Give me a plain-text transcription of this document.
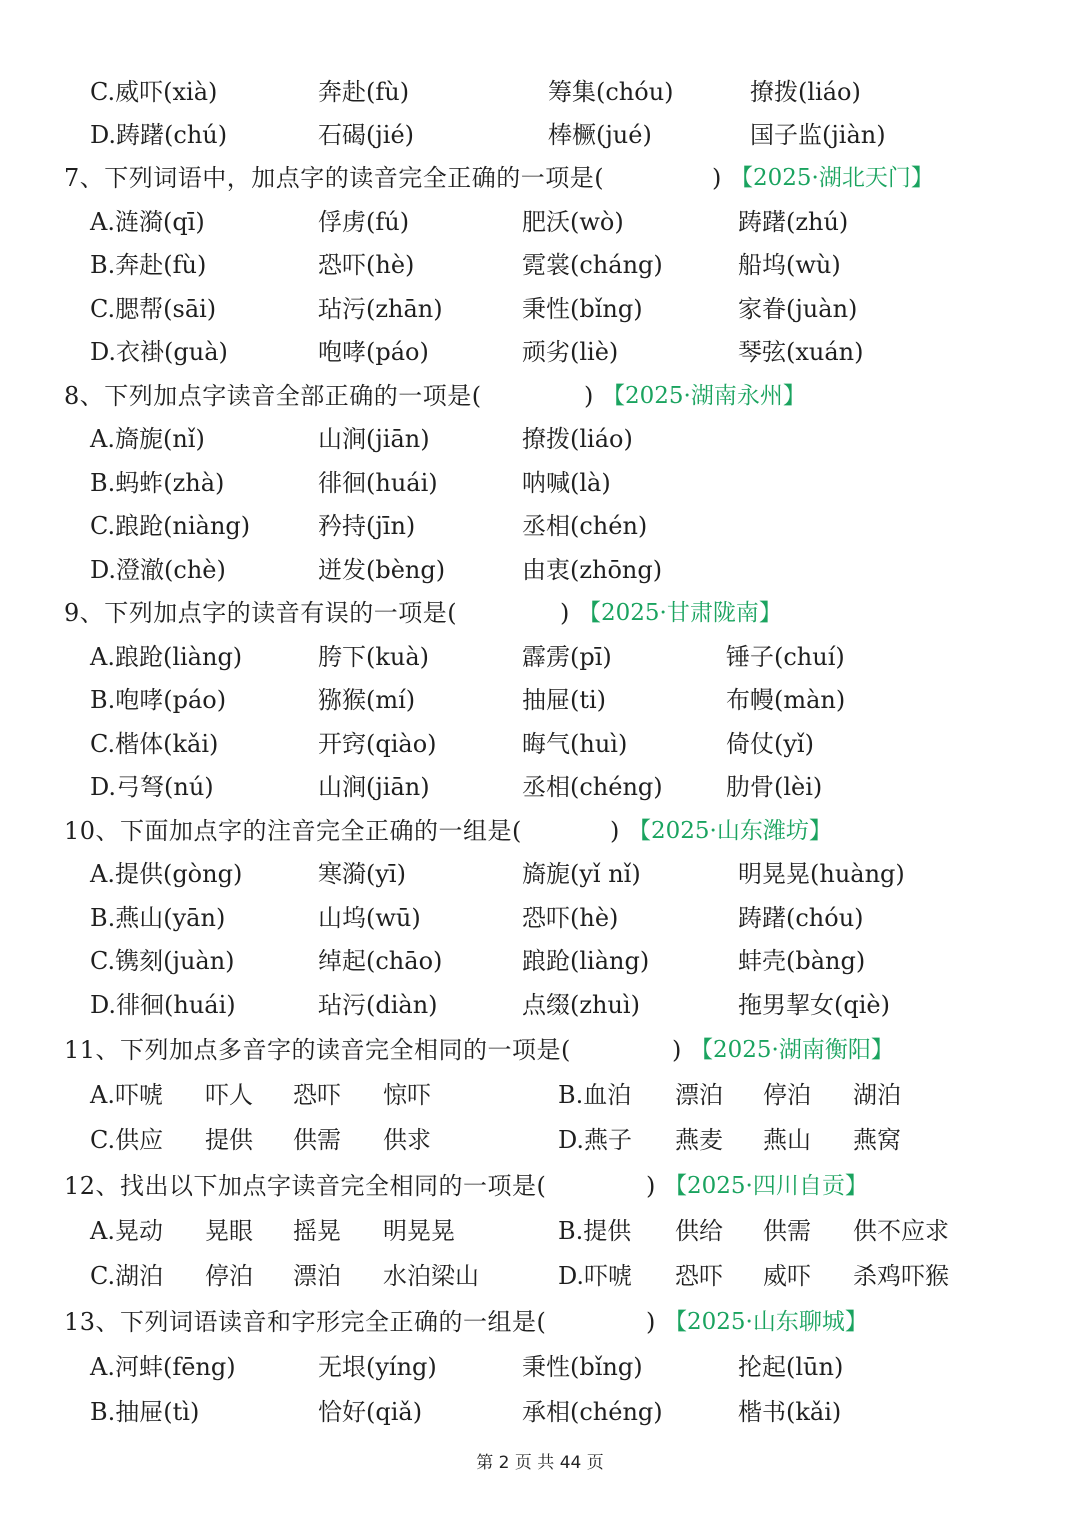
C.威吓(xià)	奔赴(fù)	筹集(chóu)	撩拨(liáo)
D.踌躇(chú)	石碣(jié)	棒橛(jué)	国子监(jiàn)
7、下列词语中，加点字的读音完全正确的一项是(	) 【2025·湖北天门】
A.涟漪(qī)	俘虏(fú)	肥沃(wò)	踌躇(zhú)
B.奔赴(fù)	恐吓(hè)	霓裳(cháng)	船坞(wù)
C.腮帮(sāi)	玷污(zhān)	秉性(bǐng)	家眷(juàn)
D.衣褂(guà)	咆哮(páo)	顽劣(liè)	琴弦(xuán)
8、下列加点字读音全部正确的一项是(	) 【2025·湖南永州】
A.旖旎(nǐ)	山涧(jiān)	撩拨(liáo)
B.蚂蚱(zhà)	徘徊(huái)	呐喊(là)
C.踉跄(niàng)	矜持(jīn)	丞相(chén)
D.澄澈(chè)	迸发(bèng)	由衷(zhōng)
9、下列加点字的读音有误的一项是(	) 【2025·甘肃陇南】
A.踉跄(liàng)	胯下(kuà)	霹雳(pī)	锤子(chuí)
B.咆哮(páo)	猕猴(mí)	抽屉(ti)	布幔(màn)
C.楷体(kǎi)	开窍(qiào)	晦气(huì)	倚仗(yǐ)
D.弓弩(nú)	山涧(jiān)	丞相(chéng)	肋骨(lèi)
10、下面加点字的注音完全正确的一组是(	) 【2025·山东潍坊】
A.提供(gòng)	寒漪(yī)	旖旎(yǐ nǐ)	明晃晃(huàng)
B.燕山(yān)	山坞(wū)	恐吓(hè)	踌躇(chóu)
C.镌刻(juàn)	绰起(chāo)	踉跄(liàng)	蚌壳(bàng)
D.徘徊(huái)	玷污(diàn)	点缀(zhuì)	拖男挈女(qiè)
11、下列加点多音字的读音完全相同的一项是(	) 【2025·湖南衡阳】
A.吓唬 吓人 恐吓 惊吓	B.血泊 漂泊 停泊 湖泊
C.供应 提供 供需 供求	D.燕子 燕麦 燕山 燕窝
12、找出以下加点字读音完全相同的一项是(	) 【2025·四川自贡】
A.晃动 晃眼 摇晃 明晃晃	B.提供 供给 供需 供不应求
C.湖泊 停泊 漂泊 水泊梁山	D.吓唬 恐吓 威吓 杀鸡吓猴
13、下列词语读音和字形完全正确的一组是(	) 【2025·山东聊城】
A.河蚌(fēng)	无垠(yíng)	秉性(bǐng)	抡起(lūn)
B.抽屉(tì)	恰好(qiǎ)	承相(chéng)	楷书(kǎi)
第 2 页 共 44 页
